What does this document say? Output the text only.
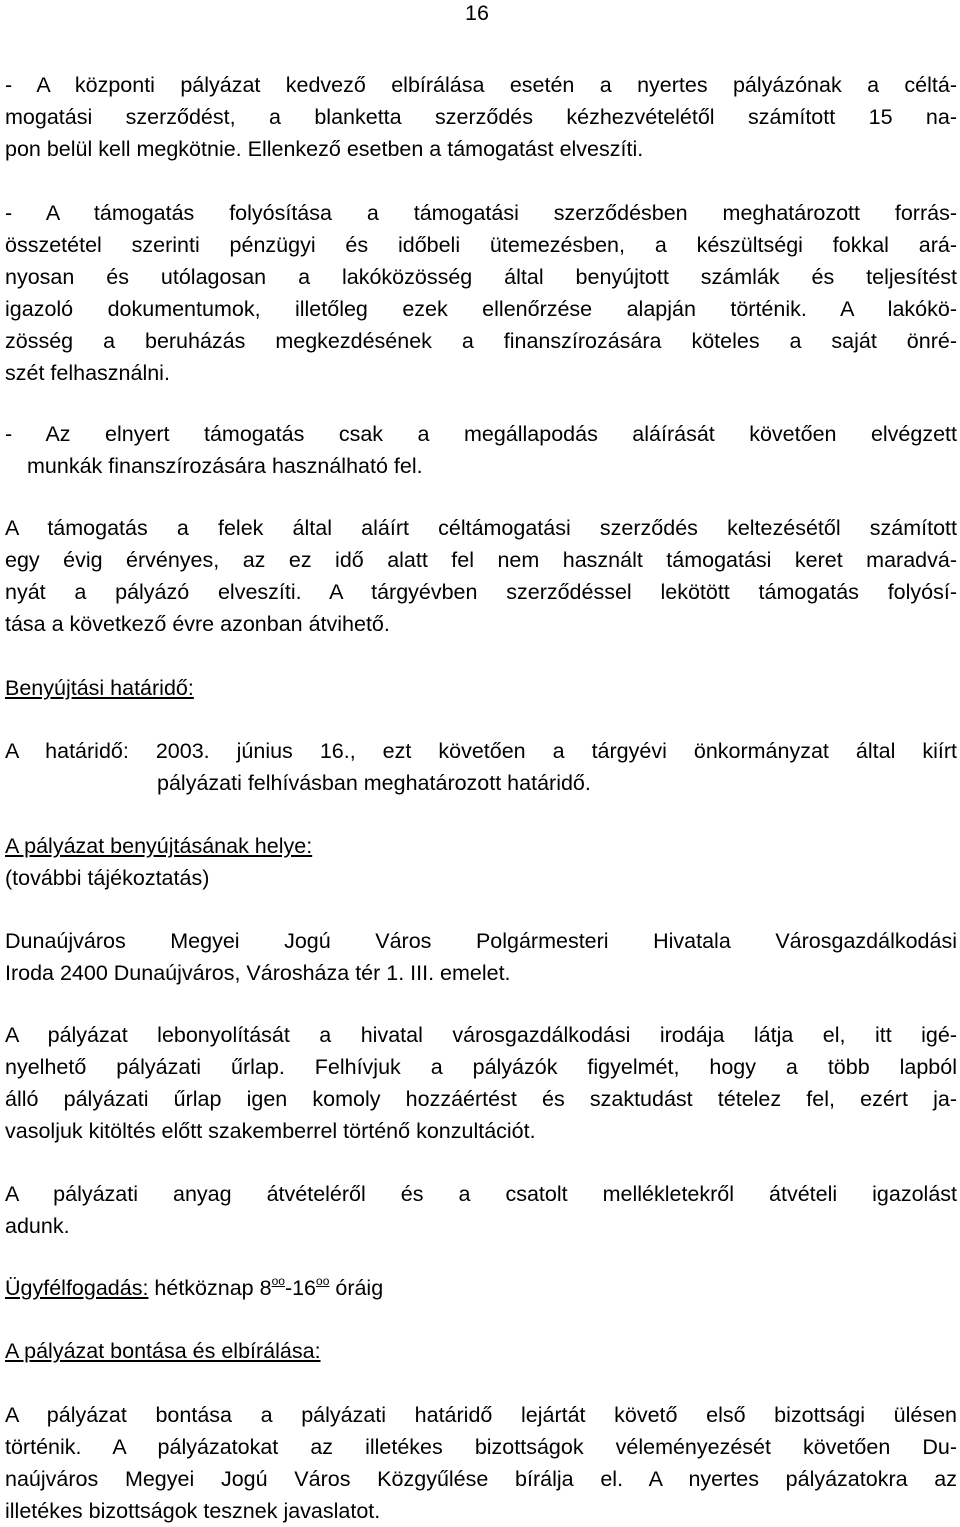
16
- A központi pályázat kedvező elbírálása esetén a nyertes pályázónak a céltá-
mogatási szerződést, a blanketta szerződés kézhezvételétől számított 15 na-
pon belül kell megkötnie. Ellenkező esetben a támogatást elveszíti.
- A támogatás folyósítása a támogatási szerződésben meghatározott forrás-
összetétel szerinti pénzügyi és időbeli ütemezésben, a készültségi fokkal ará-
nyosan és utólagosan a lakóközösség által benyújtott számlák és teljesítést
igazoló dokumentumok, illetőleg ezek ellenőrzése alapján történik. A lakókö-
zösség a beruházás megkezdésének a finanszírozására köteles a saját önré-
szét felhasználni.
- Az elnyert támogatás csak a megállapodás aláírását követően elvégzett
munkák finanszírozására használható fel.
A támogatás a felek által aláírt céltámogatási szerződés keltezésétől számított
egy évig érvényes, az ez idő alatt fel nem használt támogatási keret maradvá-
nyát a pályázó elveszíti. A tárgyévben szerződéssel lekötött támogatás folyósí-
tása a következő évre azonban átvihető.
Benyújtási határidő:
A határidő: 2003. június 16., ezt követően a tárgyévi önkormányzat által kiírt
pályázati felhívásban meghatározott határidő.
A pályázat benyújtásának helye:
(további tájékoztatás)
Dunaújváros Megyei Jogú Város Polgármesteri Hivatala Városgazdálkodási
Iroda 2400 Dunaújváros, Városháza tér 1. III. emelet.
A pályázat lebonyolítását a hivatal városgazdálkodási irodája látja el, itt igé-
nyelhető pályázati űrlap. Felhívjuk a pályázók figyelmét, hogy a több lapból
álló pályázati űrlap igen komoly hozzáértést és szaktudást tételez fel, ezért ja-
vasoljuk kitöltés előtt szakemberrel történő konzultációt.
A pályázati anyag átvételéről és a csatolt mellékletekről átvételi igazolást
adunk.
Ügyfélfogadás: hétköznap $8^{oo}-16^{oo}$ óráig
A pályázat bontása és elbírálása:
A pályázat bontása a pályázati határidő lejártát követő első bizottsági ülésen
történik. A pályázatokat az illetékes bizottságok véleményezését követően Du-
naújváros Megyei Jogú Város Közgyűlése bírálja el. A nyertes pályázatokra az
illetékes bizottságok tesznek javaslatot.
